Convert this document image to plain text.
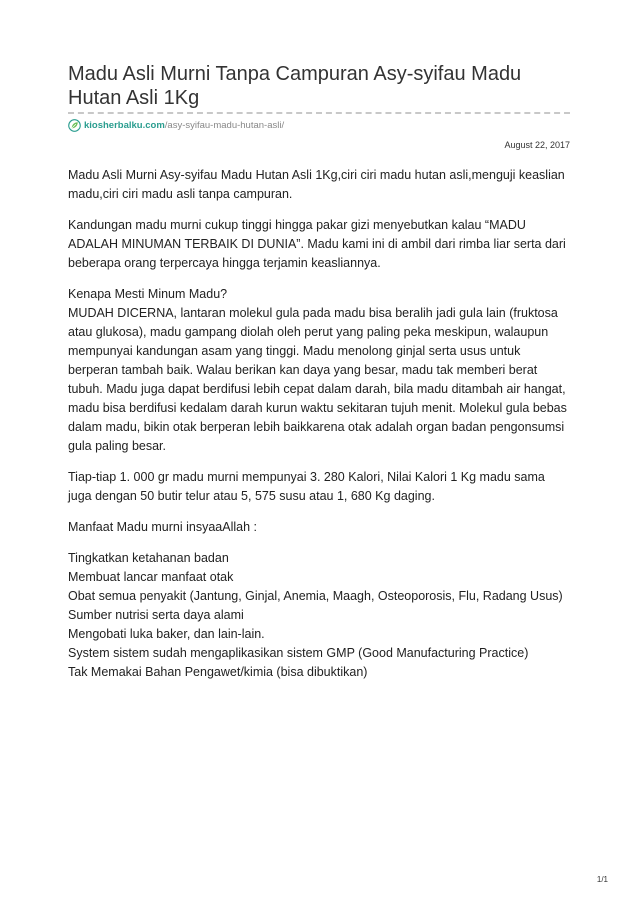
Madu Asli Murni Tanpa Campuran Asy-syifau Madu Hutan Asli 1Kg
kiosherbalku.com /asy-syifau-madu-hutan-asli/
August 22, 2017

Madu Asli Murni Asy-syifau Madu Hutan Asli 1Kg,ciri ciri madu hutan asli,menguji keaslian madu,ciri ciri madu asli tanpa campuran.

Kandungan madu murni cukup tinggi hingga pakar gizi menyebutkan kalau “MADU ADALAH MINUMAN TERBAIK DI DUNIA”. Madu kami ini di ambil dari rimba liar serta dari beberapa orang terpercaya hingga terjamin keasliannya.

Kenapa Mesti Minum Madu?
MUDAH DICERNA, lantaran molekul gula pada madu bisa beralih jadi gula lain (fruktosa atau glukosa), madu gampang diolah oleh perut yang paling peka meskipun, walaupun mempunyai kandungan asam yang tinggi. Madu menolong ginjal serta usus untuk berperan tambah baik. Walau berikan kan daya yang besar, madu tak memberi berat tubuh. Madu juga dapat berdifusi lebih cepat dalam darah, bila madu ditambah air hangat, madu bisa berdifusi kedalam darah kurun waktu sekitaran tujuh menit. Molekul gula bebas dalam madu, bikin otak berperan lebih baikkarena otak adalah organ badan pengonsumsi gula paling besar.

Tiap-tiap 1. 000 gr madu murni mempunyai 3. 280 Kalori, Nilai Kalori 1 Kg madu sama juga dengan 50 butir telur atau 5, 575 susu atau 1, 680 Kg daging.

Manfaat Madu murni insyaaAllah :

Tingkatkan ketahanan badan
Membuat lancar manfaat otak
Obat semua penyakit (Jantung, Ginjal, Anemia, Maagh, Osteoporosis, Flu, Radang Usus)
Sumber nutrisi serta daya alami
Mengobati luka baker, dan lain-lain.
System sistem sudah mengaplikasikan sistem GMP (Good Manufacturing Practice)
Tak Memakai Bahan Pengawet/kimia (bisa dibuktikan)

1/1
